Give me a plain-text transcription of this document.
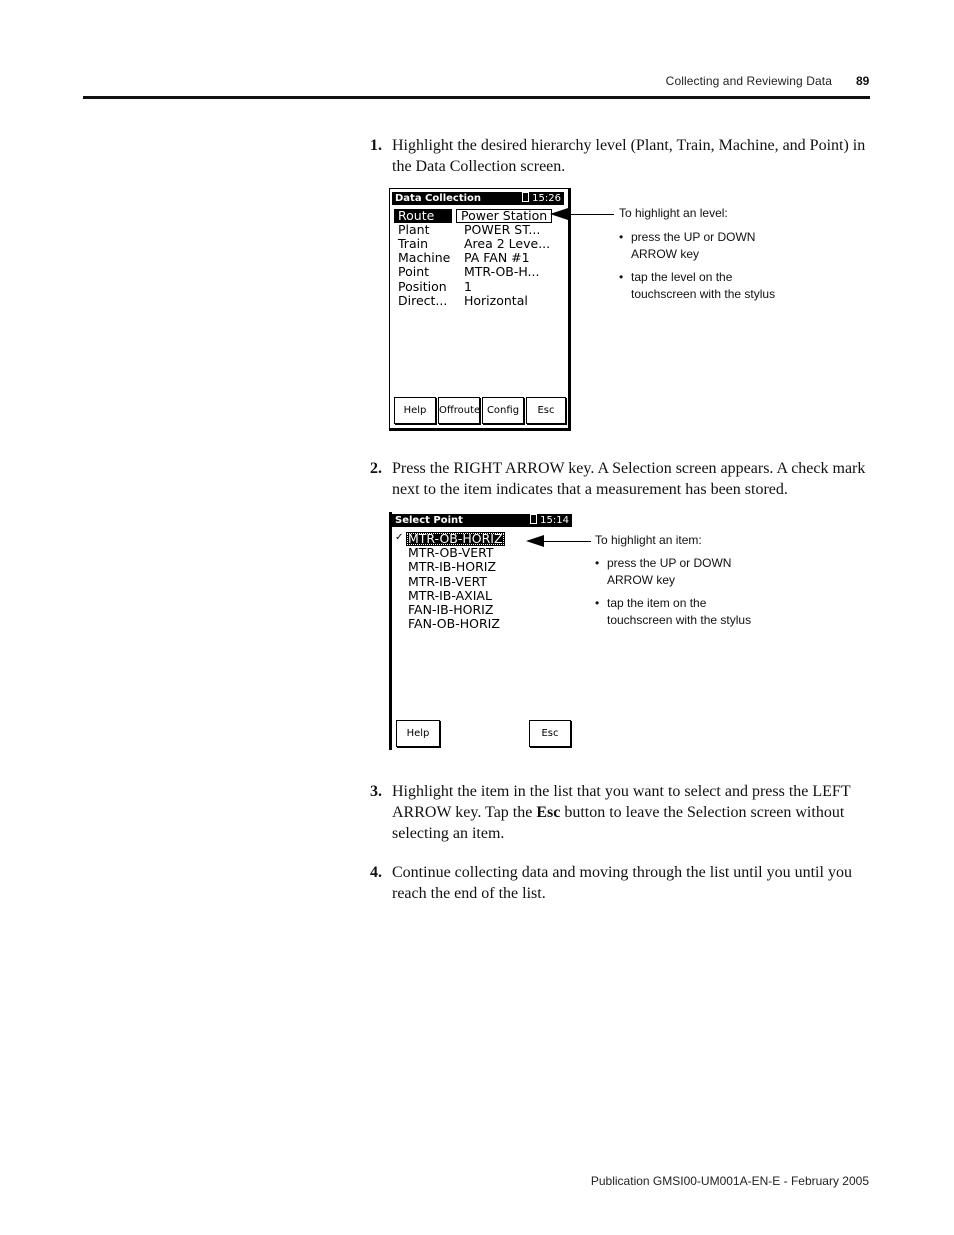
Collecting and Reviewing Data 89
1. Highlight the desired hierarchy level (Plant, Train, Machine, and Point) in the Data Collection screen.
Data Collection	15:26
Route	Power Station
Plant	POWER ST...
Train	Area 2 Leve...
Machine	PA FAN #1
Point	MTR-OB-H...
Position	1
Direct...	Horizontal
Help	Offroute Config	Esc
To highlight an level:
• press the UP or DOWN ARROW key
• tap the level on the touchscreen with the stylus
2. Press the RIGHT ARROW key. A Selection screen appears. A check mark next to the item indicates that a measurement has been stored.
Select Point	15:14
✓ MTR-OB-HORIZ
MTR-OB-VERT
MTR-IB-HORIZ
MTR-IB-VERT
MTR-IB-AXIAL
FAN-IB-HORIZ
FAN-OB-HORIZ
Help	Esc
To highlight an item:
• press the UP or DOWN ARROW key
• tap the item on the touchscreen with the stylus
3. Highlight the item in the list that you want to select and press the LEFT ARROW key. Tap the Esc button to leave the Selection screen without selecting an item.
4. Continue collecting data and moving through the list until you until you reach the end of the list.
Publication GMSI00-UM001A-EN-E - February 2005
